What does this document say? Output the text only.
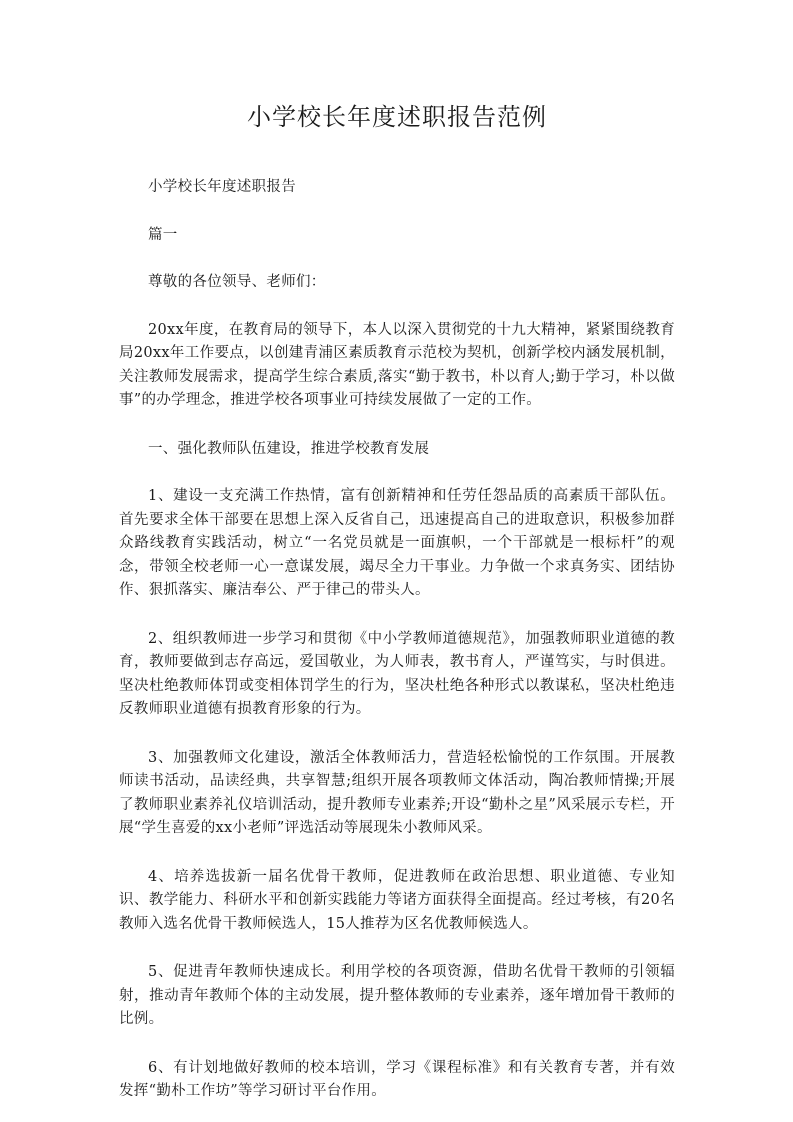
小学校长年度述职报告范例

小学校长年度述职报告

篇一

尊敬的各位领导、老师们：

20xx年度，在教育局的领导下，本人以深入贯彻党的十九大精神，紧紧围绕教育局20xx年工作要点，以创建青浦区素质教育示范校为契机，创新学校内涵发展机制，关注教师发展需求，提高学生综合素质,落实“勤于教书，朴以育人;勤于学习，朴以做事”的办学理念，推进学校各项事业可持续发展做了一定的工作。

一、强化教师队伍建设，推进学校教育发展

1、建设一支充满工作热情，富有创新精神和任劳任怨品质的高素质干部队伍。首先要求全体干部要在思想上深入反省自己，迅速提高自己的进取意识，积极参加群众路线教育实践活动，树立“一名党员就是一面旗帜，一个干部就是一根标杆”的观念，带领全校老师一心一意谋发展，竭尽全力干事业。力争做一个求真务实、团结协作、狠抓落实、廉洁奉公、严于律己的带头人。

2、组织教师进一步学习和贯彻《中小学教师道德规范》，加强教师职业道德的教育，教师要做到志存高远，爱国敬业，为人师表，教书育人，严谨笃实，与时俱进。坚决杜绝教师体罚或变相体罚学生的行为，坚决杜绝各种形式以教谋私，坚决杜绝违反教师职业道德有损教育形象的行为。

3、加强教师文化建设，激活全体教师活力，营造轻松愉悦的工作氛围。开展教师读书活动，品读经典，共享智慧;组织开展各项教师文体活动，陶冶教师情操;开展了教师职业素养礼仪培训活动，提升教师专业素养;开设“勤朴之星”风采展示专栏，开展“学生喜爱的xx小老师”评选活动等展现朱小教师风采。

4、培养选拔新一届名优骨干教师，促进教师在政治思想、职业道德、专业知识、教学能力、科研水平和创新实践能力等诸方面获得全面提高。经过考核，有20名教师入选名优骨干教师候选人，15人推荐为区名优教师候选人。

5、促进青年教师快速成长。利用学校的各项资源，借助名优骨干教师的引领辐射，推动青年教师个体的主动发展，提升整体教师的专业素养，逐年增加骨干教师的比例。

6、有计划地做好教师的校本培训，学习《课程标准》和有关教育专著，并有效发挥“勤朴工作坊”等学习研讨平台作用。
